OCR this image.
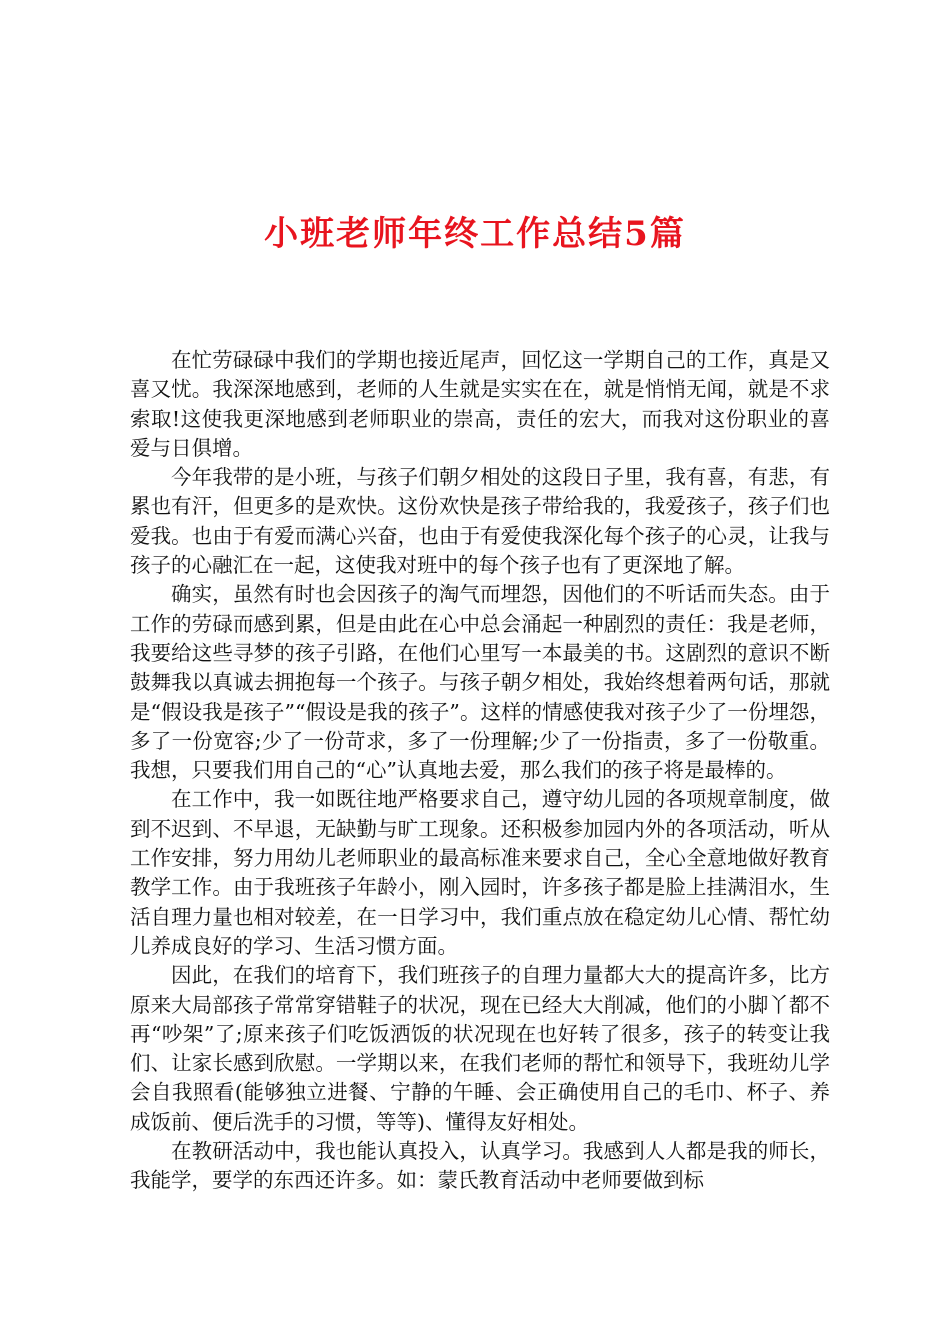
小班老师年终工作总结5篇

在忙劳碌碌中我们的学期也接近尾声，回忆这一学期自己的工作，真是又喜又忧。我深深地感到，老师的人生就是实实在在，就是悄悄无闻，就是不求索取!这使我更深地感到老师职业的崇高，责任的宏大，而我对这份职业的喜爱与日俱增。

今年我带的是小班，与孩子们朝夕相处的这段日子里，我有喜，有悲，有累也有汗，但更多的是欢快。这份欢快是孩子带给我的，我爱孩子，孩子们也爱我。也由于有爱而满心兴奋，也由于有爱使我深化每个孩子的心灵，让我与孩子的心融汇在一起，这使我对班中的每个孩子也有了更深地了解。

确实，虽然有时也会因孩子的淘气而埋怨，因他们的不听话而失态。由于工作的劳碌而感到累，但是由此在心中总会涌起一种剧烈的责任：我是老师，我要给这些寻梦的孩子引路，在他们心里写一本最美的书。这剧烈的意识不断鼓舞我以真诚去拥抱每一个孩子。与孩子朝夕相处，我始终想着两句话，那就是“假设我是孩子”“假设是我的孩子”。这样的情感使我对孩子少了一份埋怨，多了一份宽容;少了一份苛求，多了一份理解;少了一份指责，多了一份敬重。我想，只要我们用自己的“心”认真地去爱，那么我们的孩子将是最棒的。

在工作中，我一如既往地严格要求自己，遵守幼儿园的各项规章制度，做到不迟到、不早退，无缺勤与旷工现象。还积极参加园内外的各项活动，听从工作安排，努力用幼儿老师职业的最高标准来要求自己，全心全意地做好教育教学工作。由于我班孩子年龄小，刚入园时，许多孩子都是脸上挂满泪水，生活自理力量也相对较差，在一日学习中，我们重点放在稳定幼儿心情、帮忙幼儿养成良好的学习、生活习惯方面。

因此，在我们的培育下，我们班孩子的自理力量都大大的提高许多，比方原来大局部孩子常常穿错鞋子的状况，现在已经大大削减，他们的小脚丫都不再“吵架”了;原来孩子们吃饭洒饭的状况现在也好转了很多，孩子的转变让我们、让家长感到欣慰。一学期以来，在我们老师的帮忙和领导下，我班幼儿学会自我照看(能够独立进餐、宁静的午睡、会正确使用自己的毛巾、杯子、养成饭前、便后洗手的习惯，等等)、懂得友好相处。

在教研活动中，我也能认真投入，认真学习。我感到人人都是我的师长，我能学，要学的东西还许多。如：蒙氏教育活动中老师要做到标
